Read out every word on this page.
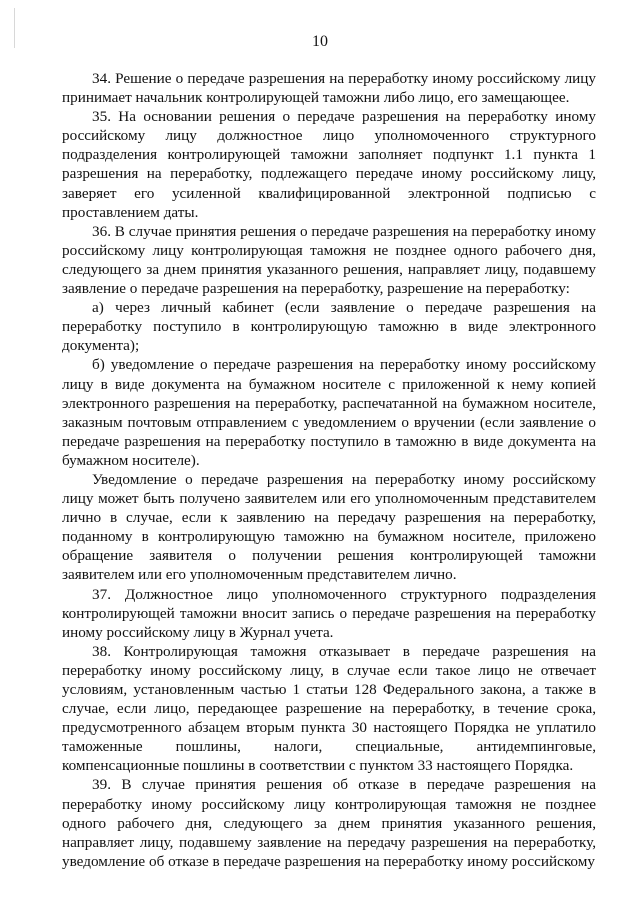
10

34. Решение о передаче разрешения на переработку иному российскому лицу принимает начальник контролирующей таможни либо лицо, его замещающее.

35. На основании решения о передаче разрешения на переработку иному российскому лицу должностное лицо уполномоченного структурного подразделения контролирующей таможни заполняет подпункт 1.1 пункта 1 разрешения на переработку, подлежащего передаче иному российскому лицу, заверяет его усиленной квалифицированной электронной подписью с проставлением даты.

36. В случае принятия решения о передаче разрешения на переработку иному российскому лицу контролирующая таможня не позднее одного рабочего дня, следующего за днем принятия указанного решения, направляет лицу, подавшему заявление о передаче разрешения на переработку, разрешение на переработку:

а) через личный кабинет (если заявление о передаче разрешения на переработку поступило в контролирующую таможню в виде электронного документа);

б) уведомление о передаче разрешения на переработку иному российскому лицу в виде документа на бумажном носителе с приложенной к нему копией электронного разрешения на переработку, распечатанной на бумажном носителе, заказным почтовым отправлением с уведомлением о вручении (если заявление о передаче разрешения на переработку поступило в таможню в виде документа на бумажном носителе).

Уведомление о передаче разрешения на переработку иному российскому лицу может быть получено заявителем или его уполномоченным представителем лично в случае, если к заявлению на передачу разрешения на переработку, поданному в контролирующую таможню на бумажном носителе, приложено обращение заявителя о получении решения контролирующей таможни заявителем или его уполномоченным представителем лично.

37. Должностное лицо уполномоченного структурного подразделения контролирующей таможни вносит запись о передаче разрешения на переработку иному российскому лицу в Журнал учета.

38. Контролирующая таможня отказывает в передаче разрешения на переработку иному российскому лицу, в случае если такое лицо не отвечает условиям, установленным частью 1 статьи 128 Федерального закона, а также в случае, если лицо, передающее разрешение на переработку, в течение срока, предусмотренного абзацем вторым пункта 30 настоящего Порядка не уплатило таможенные пошлины, налоги, специальные, антидемпинговые, компенсационные пошлины в соответствии с пунктом 33 настоящего Порядка.

39. В случае принятия решения об отказе в передаче разрешения на переработку иному российскому лицу контролирующая таможня не позднее одного рабочего дня, следующего за днем принятия указанного решения, направляет лицу, подавшему заявление на передачу разрешения на переработку, уведомление об отказе в передаче разрешения на переработку иному российскому
